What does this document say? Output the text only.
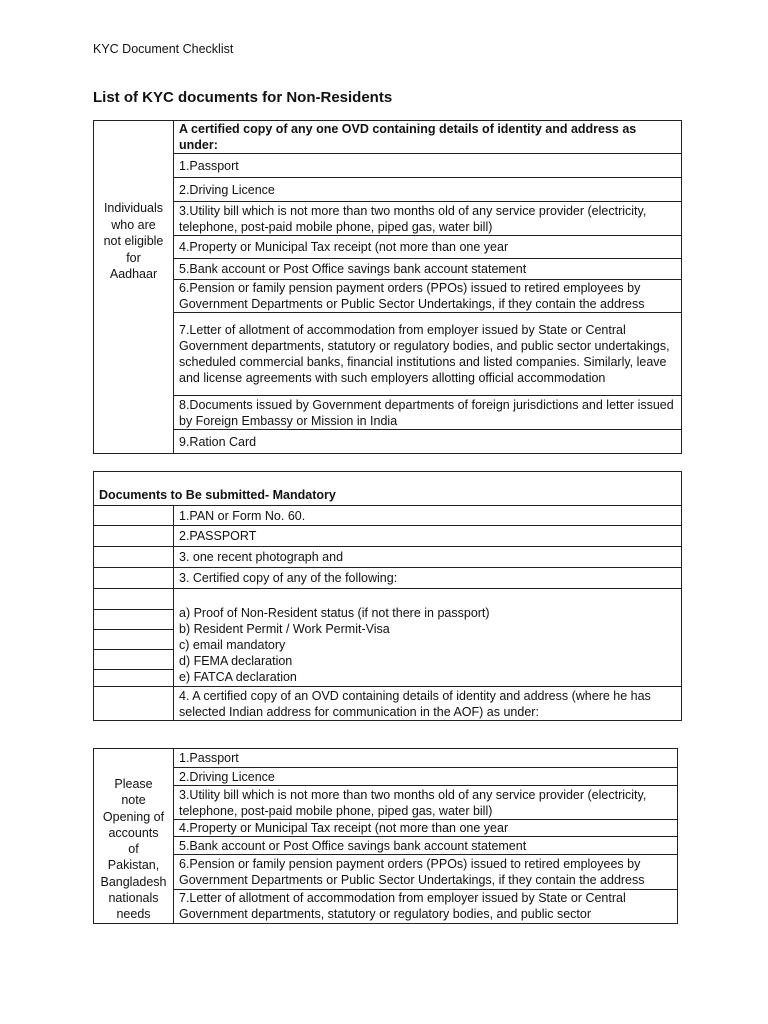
KYC Document Checklist
List of KYC documents for Non-Residents
Individuals
who are
not eligible
for
Aadhaar
	A certified copy of any one OVD containing details of identity and address as under:
1.Passport
2.Driving Licence
3.Utility bill which is not more than two months old of any service provider (electricity, telephone, post-paid mobile phone, piped gas, water bill)
4.Property or Municipal Tax receipt (not more than one year
5.Bank account or Post Office savings bank account statement
6.Pension or family pension payment orders (PPOs) issued to retired employees by Government Departments or Public Sector Undertakings, if they contain the address
7.Letter of allotment of accommodation from employer issued by State or Central Government departments, statutory or regulatory bodies, and public sector undertakings, scheduled commercial banks, financial institutions and listed companies. Similarly, leave and license agreements with such employers allotting official accommodation
8.Documents issued by Government departments of foreign jurisdictions and letter issued by Foreign Embassy or Mission in India
9.Ration Card
Documents to Be submitted- Mandatory	
	1.PAN or Form No. 60.
	2.PASSPORT
	3. one recent photograph and
	3. Certified copy of any of the following:

	a) Proof of Non-Resident status (if not there in passport)
b) Resident Permit / Work Permit-Visa
c) email mandatory
d) FEMA declaration
e) FATCA declaration

	4. A certified copy of an OVD containing details of identity and address (where he has selected Indian address for communication in the AOF) as under:
Please
note
Opening of
accounts
of
Pakistan,
Bangladesh
nationals
needs
	1.Passport
2.Driving Licence
3.Utility bill which is not more than two months old of any service provider (electricity, telephone, post-paid mobile phone, piped gas, water bill)
4.Property or Municipal Tax receipt (not more than one year
5.Bank account or Post Office savings bank account statement
6.Pension or family pension payment orders (PPOs) issued to retired employees by Government Departments or Public Sector Undertakings, if they contain the address
7.Letter of allotment of accommodation from employer issued by State or Central Government departments, statutory or regulatory bodies, and public sector
